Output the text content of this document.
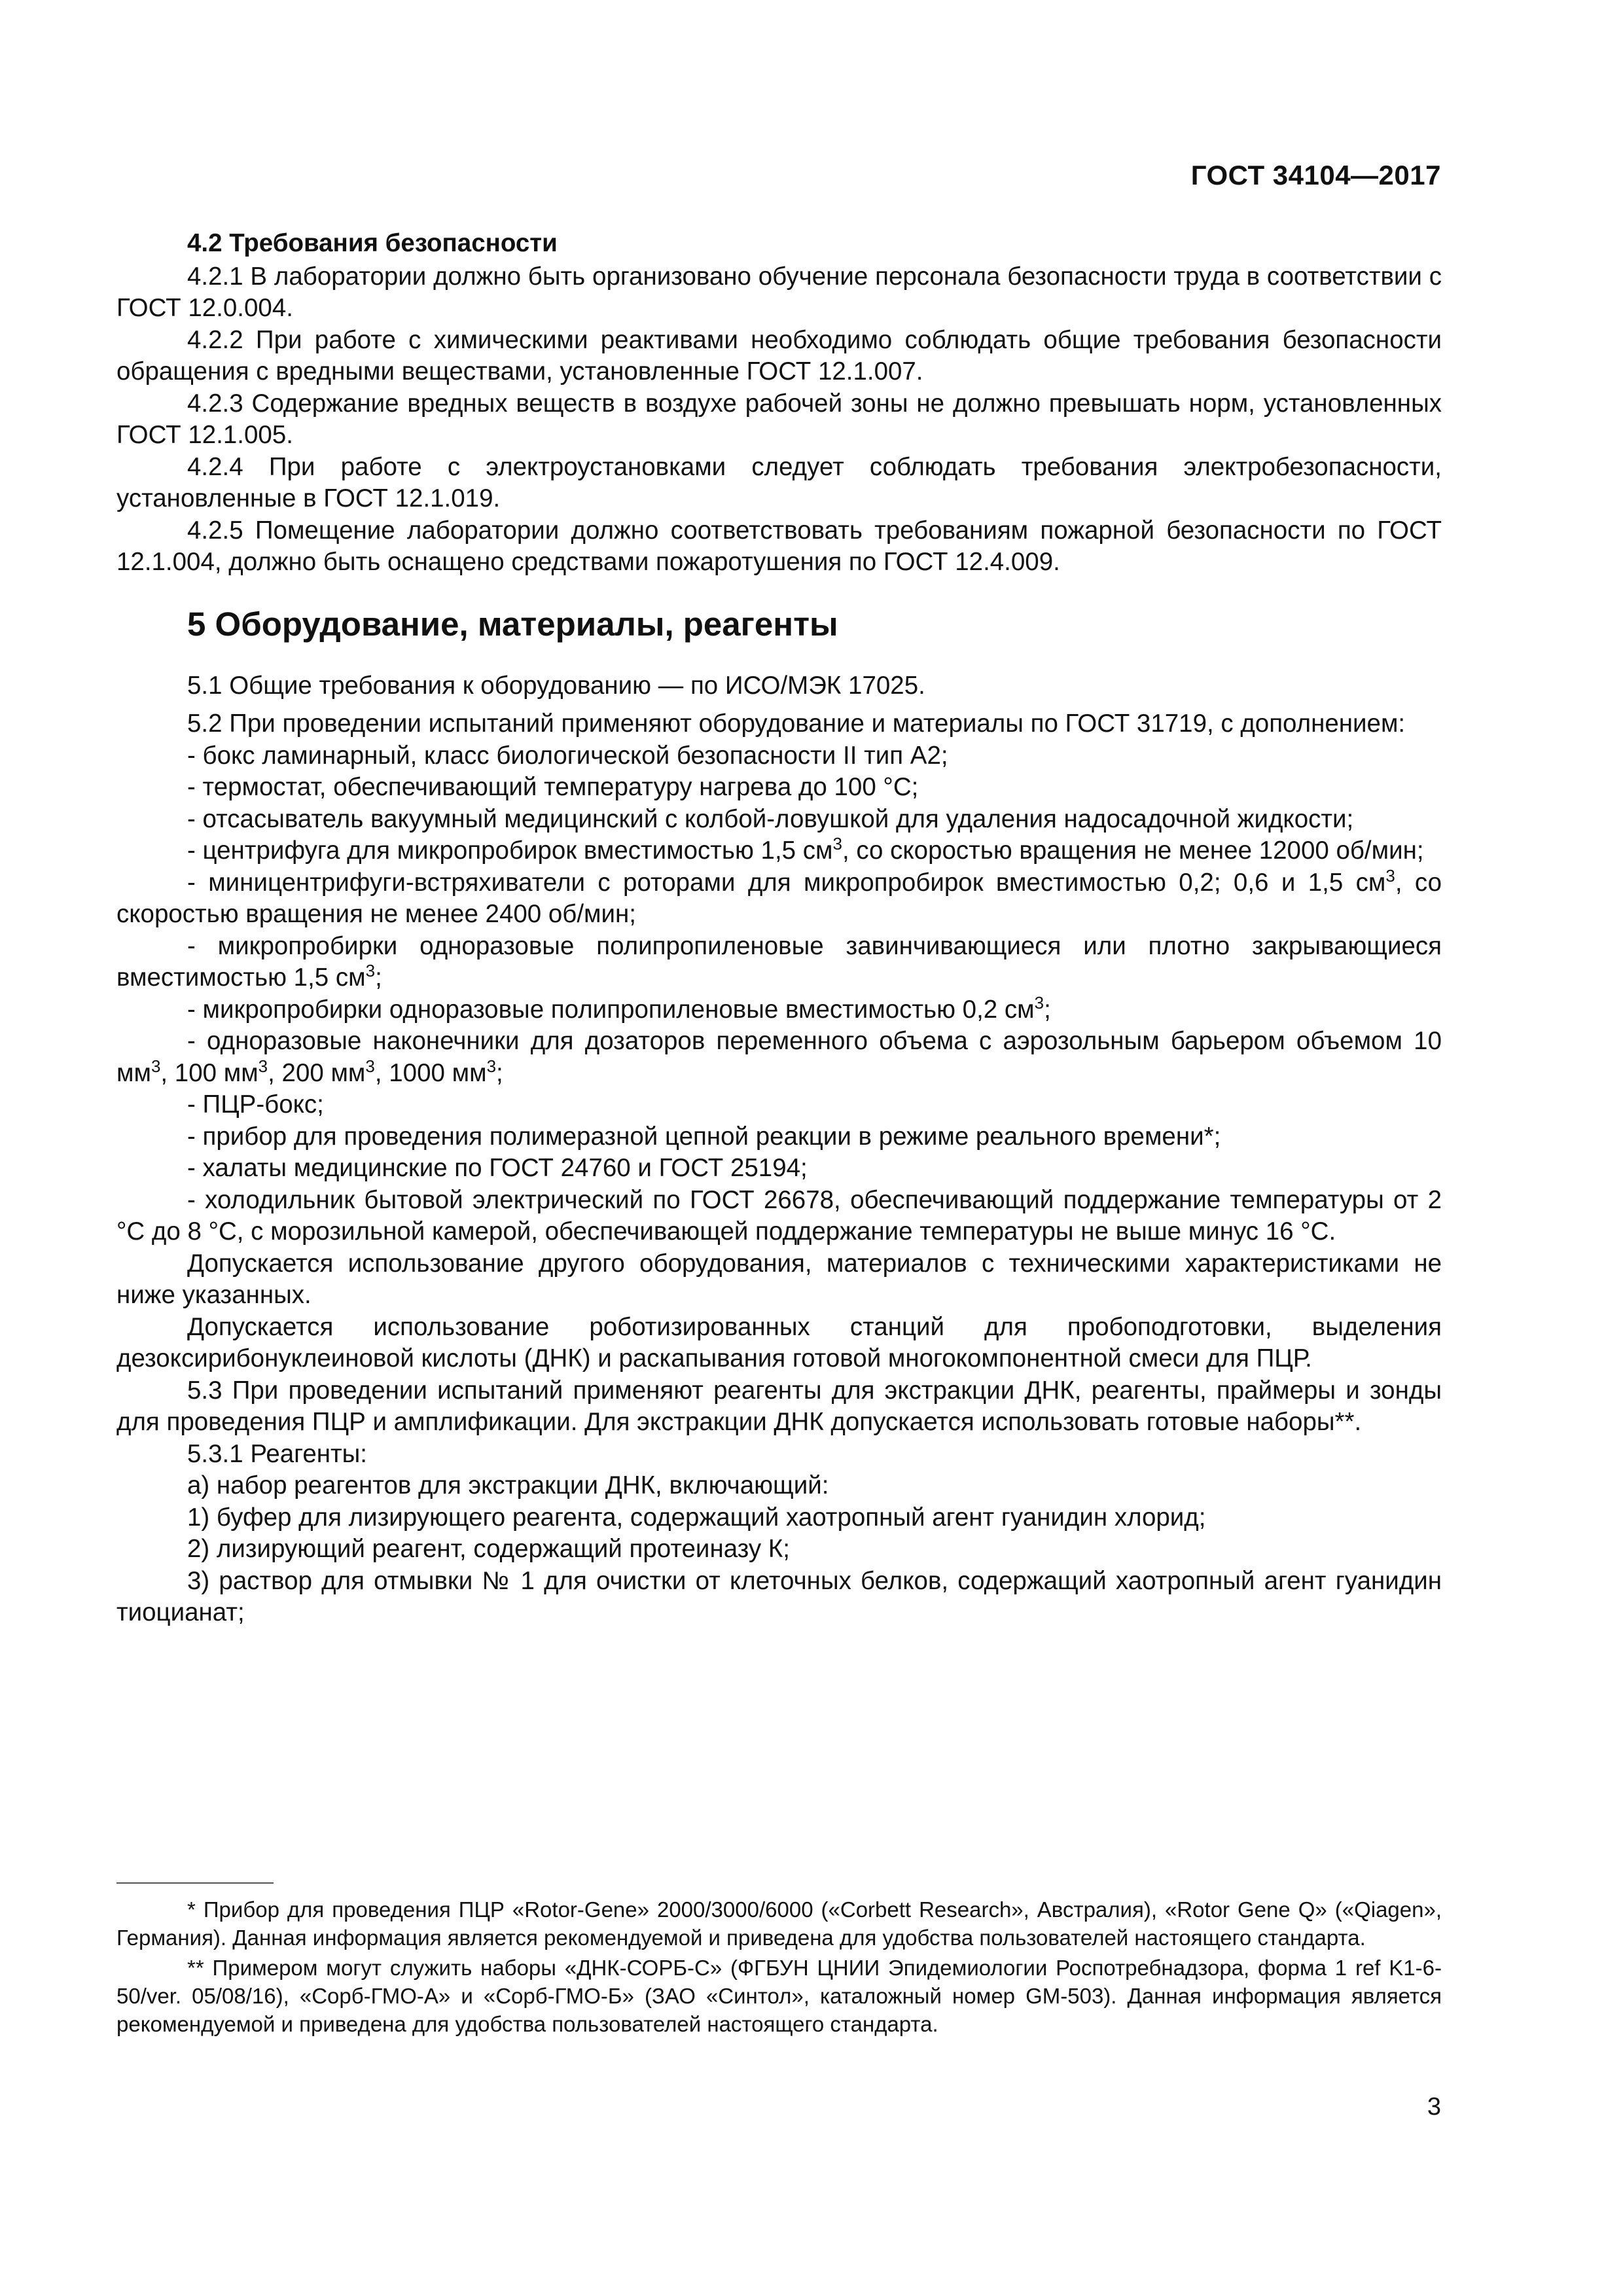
ГОСТ 34104—2017

4.2 Требования безопасности

4.2.1 В лаборатории должно быть организовано обучение персонала безопасности труда в соответствии с ГОСТ 12.0.004.

4.2.2 При работе с химическими реактивами необходимо соблюдать общие требования безопасности обращения с вредными веществами, установленные ГОСТ 12.1.007.

4.2.3 Содержание вредных веществ в воздухе рабочей зоны не должно превышать норм, установленных ГОСТ 12.1.005.

4.2.4 При работе с электроустановками следует соблюдать требования электробезопасности, установленные в ГОСТ 12.1.019.

4.2.5 Помещение лаборатории должно соответствовать требованиям пожарной безопасности по ГОСТ 12.1.004, должно быть оснащено средствами пожаротушения по ГОСТ 12.4.009.

5 Оборудование, материалы, реагенты

5.1 Общие требования к оборудованию — по ИСО/МЭК 17025.

5.2 При проведении испытаний применяют оборудование и материалы по ГОСТ 31719, с дополнением:

- бокс ламинарный, класс биологической безопасности II тип А2;

- термостат, обеспечивающий температуру нагрева до 100 °С;

- отсасыватель вакуумный медицинский с колбой-ловушкой для удаления надосадочной жидкости;

- центрифуга для микропробирок вместимостью 1,5 $см^3$, со скоростью вращения не менее 12000 об/мин;

- миницентрифуги-встряхиватели с роторами для микропробирок вместимостью 0,2; 0,6 и 1,5 $см^3$, со скоростью вращения не менее 2400 об/мин;

- микропробирки одноразовые полипропиленовые завинчивающиеся или плотно закрывающиеся вместимостью 1,5 $см^3$;

- микропробирки одноразовые полипропиленовые вместимостью 0,2 $см^3$;

- одноразовые наконечники для дозаторов переменного объема с аэрозольным барьером объемом 10 $мм^3$, 100 $мм^3$, 200 $мм^3$, 1000 $мм^3$;

- ПЦР-бокс;

- прибор для проведения полимеразной цепной реакции в режиме реального времени*;

- халаты медицинские по ГОСТ 24760 и ГОСТ 25194;

- холодильник бытовой электрический по ГОСТ 26678, обеспечивающий поддержание температуры от 2 °С до 8 °С, с морозильной камерой, обеспечивающей поддержание температуры не выше минус 16 °С.

Допускается использование другого оборудования, материалов с техническими характеристиками не ниже указанных.

Допускается использование роботизированных станций для пробоподготовки, выделения дезоксирибонуклеиновой кислоты (ДНК) и раскапывания готовой многокомпонентной смеси для ПЦР.

5.3 При проведении испытаний применяют реагенты для экстракции ДНК, реагенты, праймеры и зонды для проведения ПЦР и амплификации. Для экстракции ДНК допускается использовать готовые наборы**.

5.3.1 Реагенты:

а) набор реагентов для экстракции ДНК, включающий:

1) буфер для лизирующего реагента, содержащий хаотропный агент гуанидин хлорид;

2) лизирующий реагент, содержащий протеиназу К;

3) раствор для отмывки № 1 для очистки от клеточных белков, содержащий хаотропный агент гуанидин тиоцианат;

* Прибор для проведения ПЦР «Rotor-Gene» 2000/3000/6000 («Corbett Research», Австралия), «Rotor Gene Q» («Qiagen», Германия). Данная информация является рекомендуемой и приведена для удобства пользователей настоящего стандарта.

** Примером могут служить наборы «ДНК-СОРБ-С» (ФГБУН ЦНИИ Эпидемиологии Роспотребнадзора, форма 1 ref K1-6-50/ver. 05/08/16), «Сорб-ГМО-А» и «Сорб-ГМО-Б» (ЗАО «Синтол», каталожный номер GM-503). Данная информация является рекомендуемой и приведена для удобства пользователей настоящего стандарта.

3
